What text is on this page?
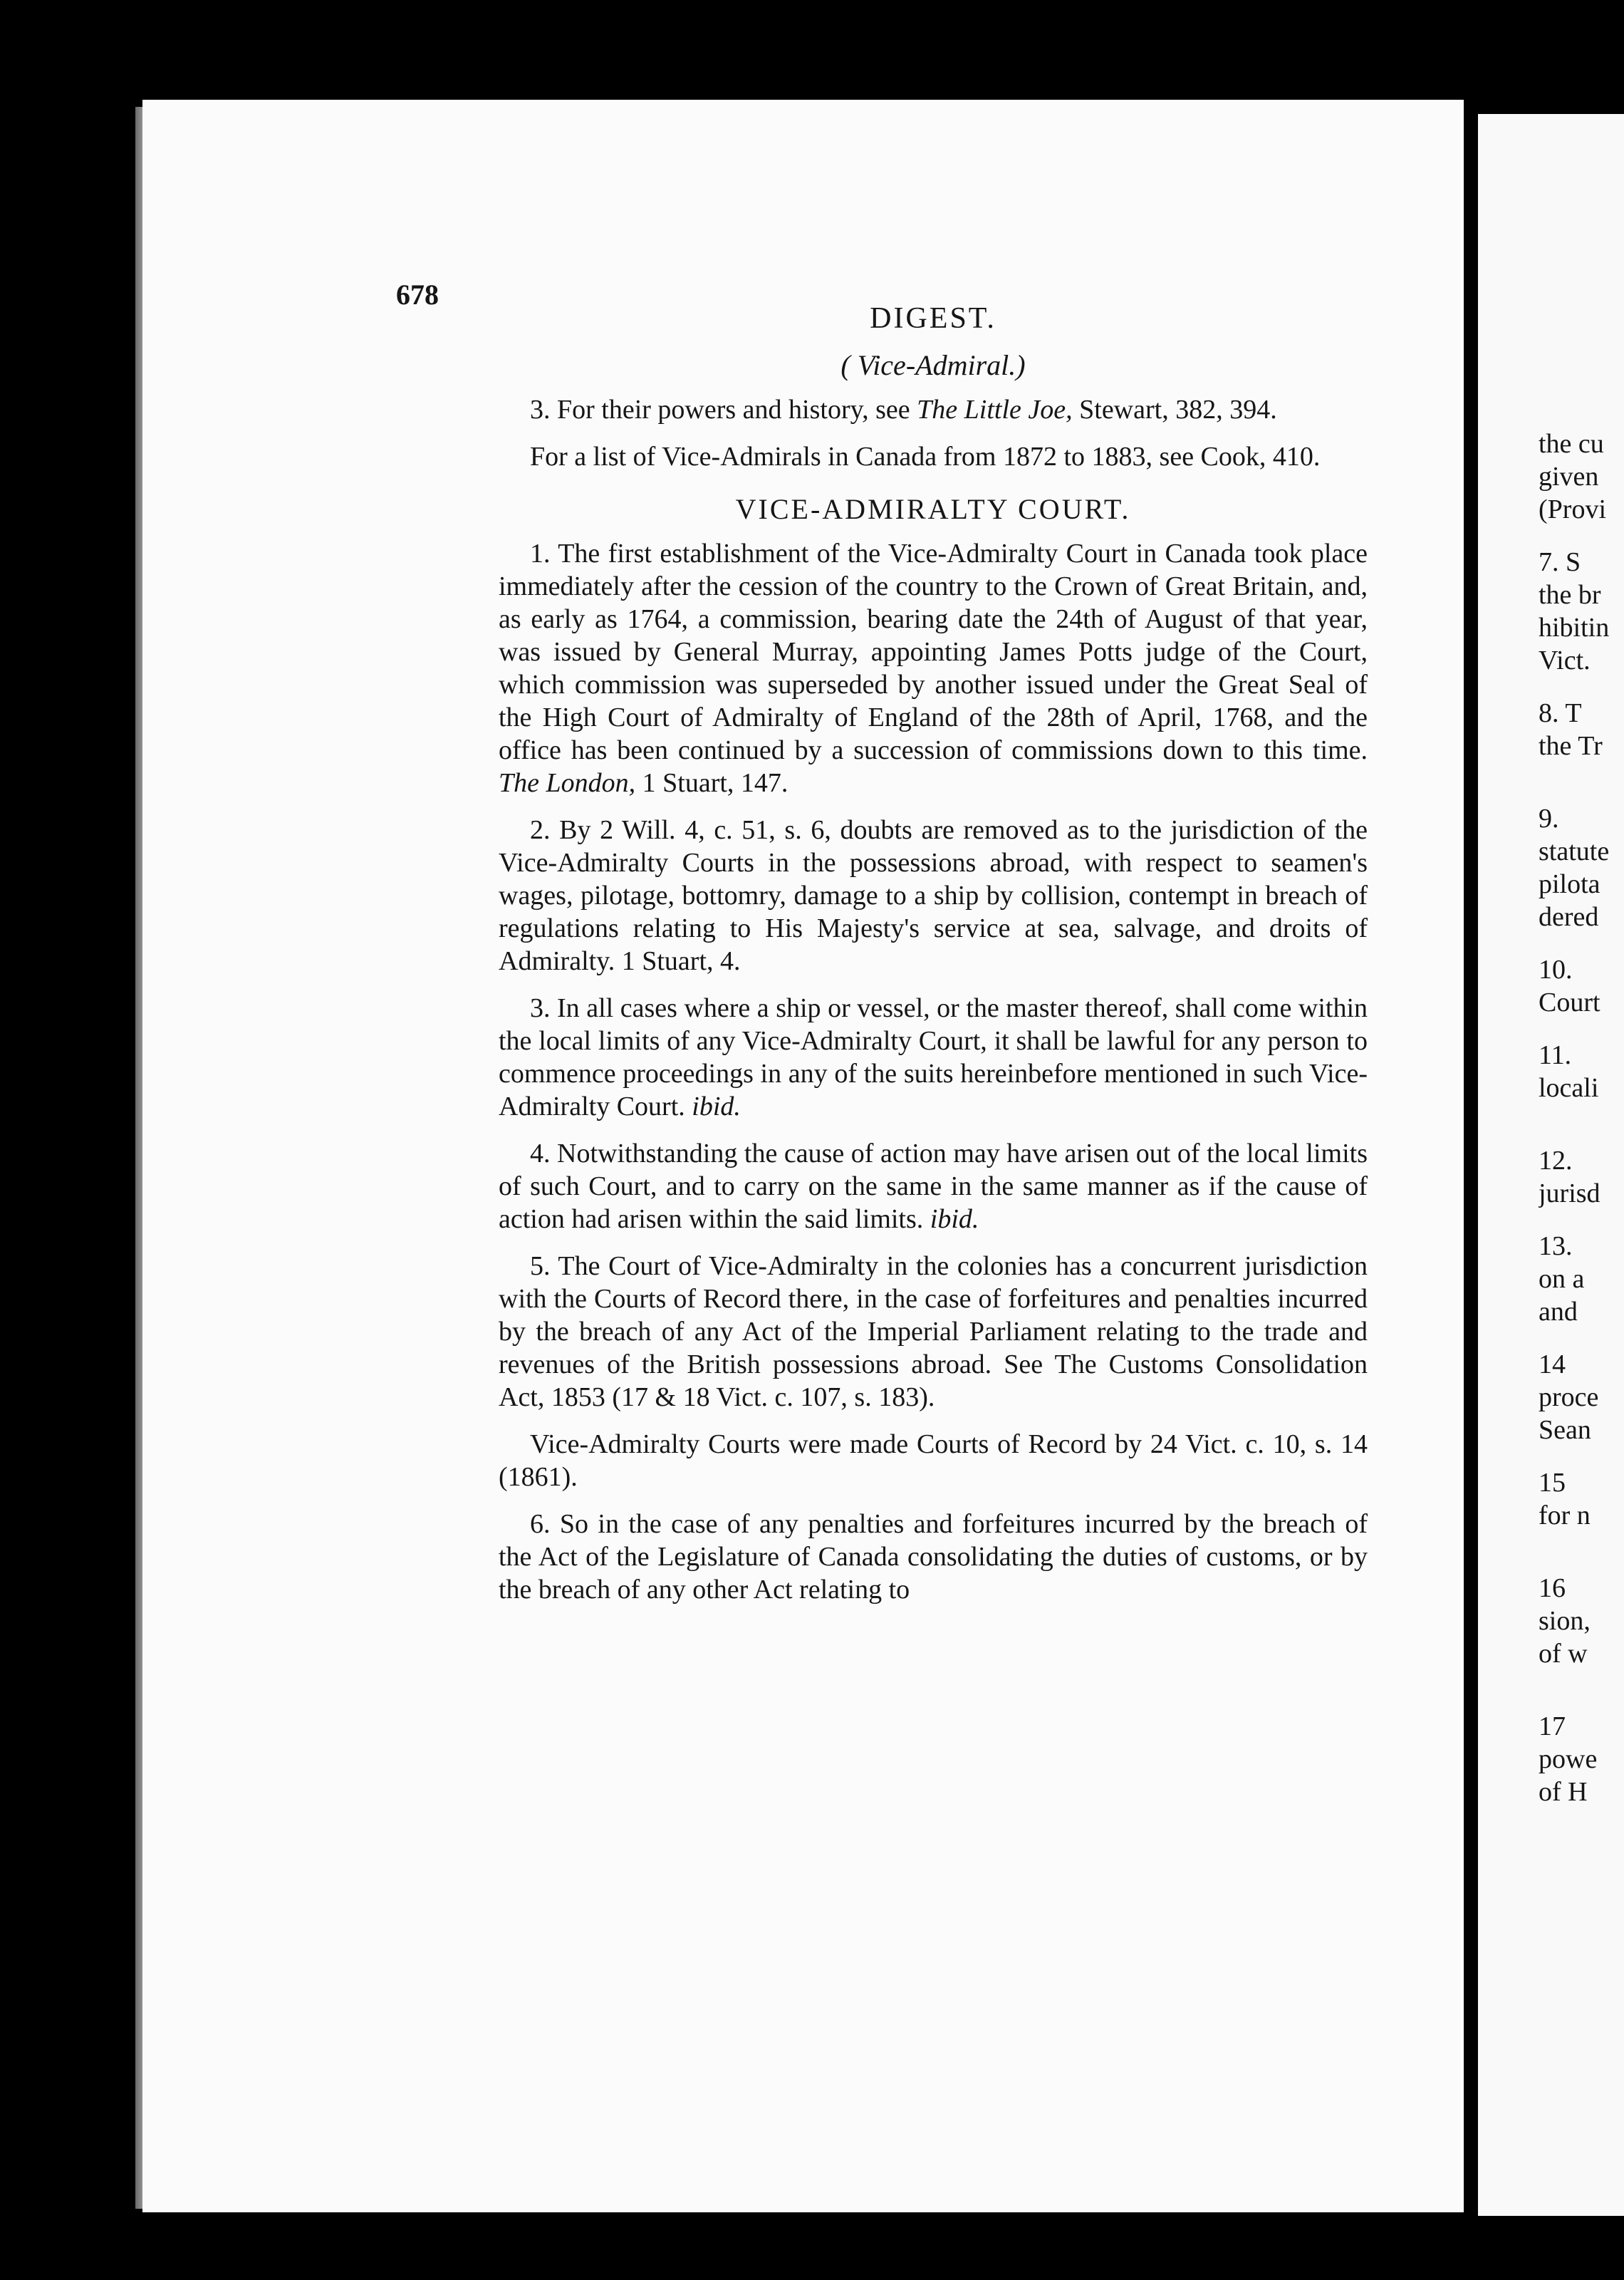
678
DIGEST.
( Vice-Admiral.)

3. For their powers and history, see The Little Joe, Stewart, 382, 394.

For a list of Vice-Admirals in Canada from 1872 to 1883, see Cook, 410.

VICE-ADMIRALTY COURT.

1. The first establishment of the Vice-Admiralty Court in Canada took place immediately after the cession of the country to the Crown of Great Britain, and, as early as 1764, a commission, bearing date the 24th of August of that year, was issued by General Murray, appointing James Potts judge of the Court, which commission was superseded by another issued under the Great Seal of the High Court of Admiralty of England of the 28th of April, 1768, and the office has been continued by a succession of commissions down to this time. The London, 1 Stuart, 147.

2. By 2 Will. 4, c. 51, s. 6, doubts are removed as to the jurisdiction of the Vice-Admiralty Courts in the possessions abroad, with respect to seamen's wages, pilotage, bottomry, damage to a ship by collision, contempt in breach of regulations relating to His Majesty's service at sea, salvage, and droits of Admiralty. 1 Stuart, 4.

3. In all cases where a ship or vessel, or the master thereof, shall come within the local limits of any Vice-Admiralty Court, it shall be lawful for any person to commence proceedings in any of the suits hereinbefore mentioned in such Vice-Admiralty Court. ibid.

4. Notwithstanding the cause of action may have arisen out of the local limits of such Court, and to carry on the same in the same manner as if the cause of action had arisen within the said limits. ibid.

5. The Court of Vice-Admiralty in the colonies has a concurrent jurisdiction with the Courts of Record there, in the case of forfeitures and penalties incurred by the breach of any Act of the Imperial Parliament relating to the trade and revenues of the British possessions abroad. See The Customs Consolidation Act, 1853 (17 & 18 Vict. c. 107, s. 183).

Vice-Admiralty Courts were made Courts of Record by 24 Vict. c. 10, s. 14 (1861).

6. So in the case of any penalties and forfeitures incurred by the breach of the Act of the Legislature of Canada consolidating the duties of customs, or by the breach of any other Act relating to

the cu
given
(Provi
7. S
the br
hibitin
Vict.
8. T
the Tr
9.
statute
pilota
dered
10.
Court
11.
locali
12.
jurisd
13.
on a
and
14
proce
Sean
15
for n
16
sion,
of w
17
powe
of H
